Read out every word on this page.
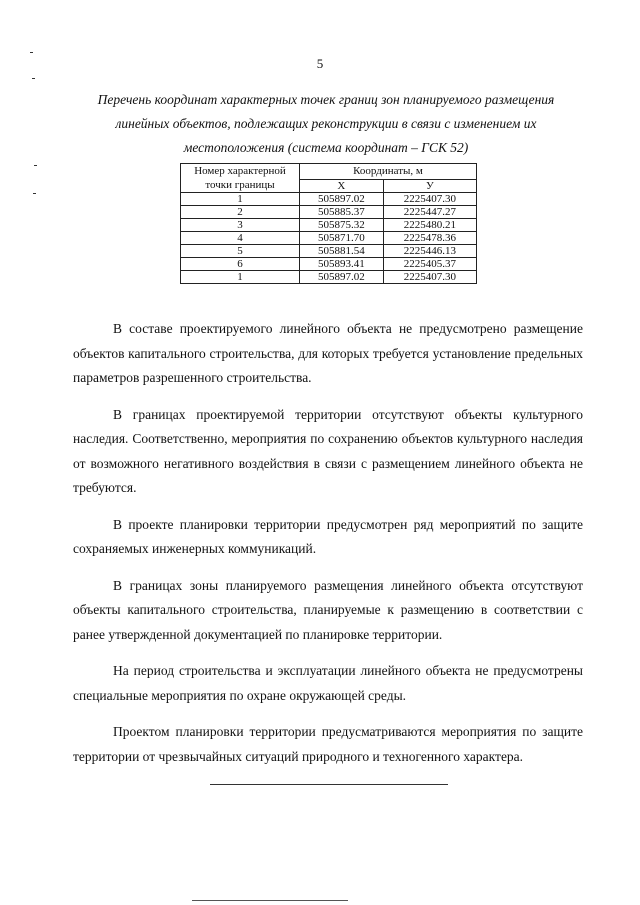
5
Перечень координат характерных точек границ зон планируемого размещения линейных объектов, подлежащих реконструкции в связи с изменением их местоположения (система координат – ГСК 52)
Номер характерной точки границы	Координаты, м	
	X	У
1	505897.02	2225407.30
2	505885.37	2225447.27
3	505875.32	2225480.21
4	505871.70	2225478.36
5	505881.54	2225446.13
6	505893.41	2225405.37
1	505897.02	2225407.30

В составе проектируемого линейного объекта не предусмотрено размещение объектов капитального строительства, для которых требуется установление предельных параметров разрешенного строительства.

В границах проектируемой территории отсутствуют объекты культурного наследия. Соответственно, мероприятия по сохранению объектов культурного наследия от возможного негативного воздействия в связи с размещением линейного объекта не требуются.

В проекте планировки территории предусмотрен ряд мероприятий по защите сохраняемых инженерных коммуникаций.

В границах зоны планируемого размещения линейного объекта отсутствуют объекты капитального строительства, планируемые к размещению в соответствии с ранее утвержденной документацией по планировке территории.

На период строительства и эксплуатации линейного объекта не предусмотрены специальные мероприятия по охране окружающей среды.

Проектом планировки территории предусматриваются мероприятия по защите территории от чрезвычайных ситуаций природного и техногенного характера.
